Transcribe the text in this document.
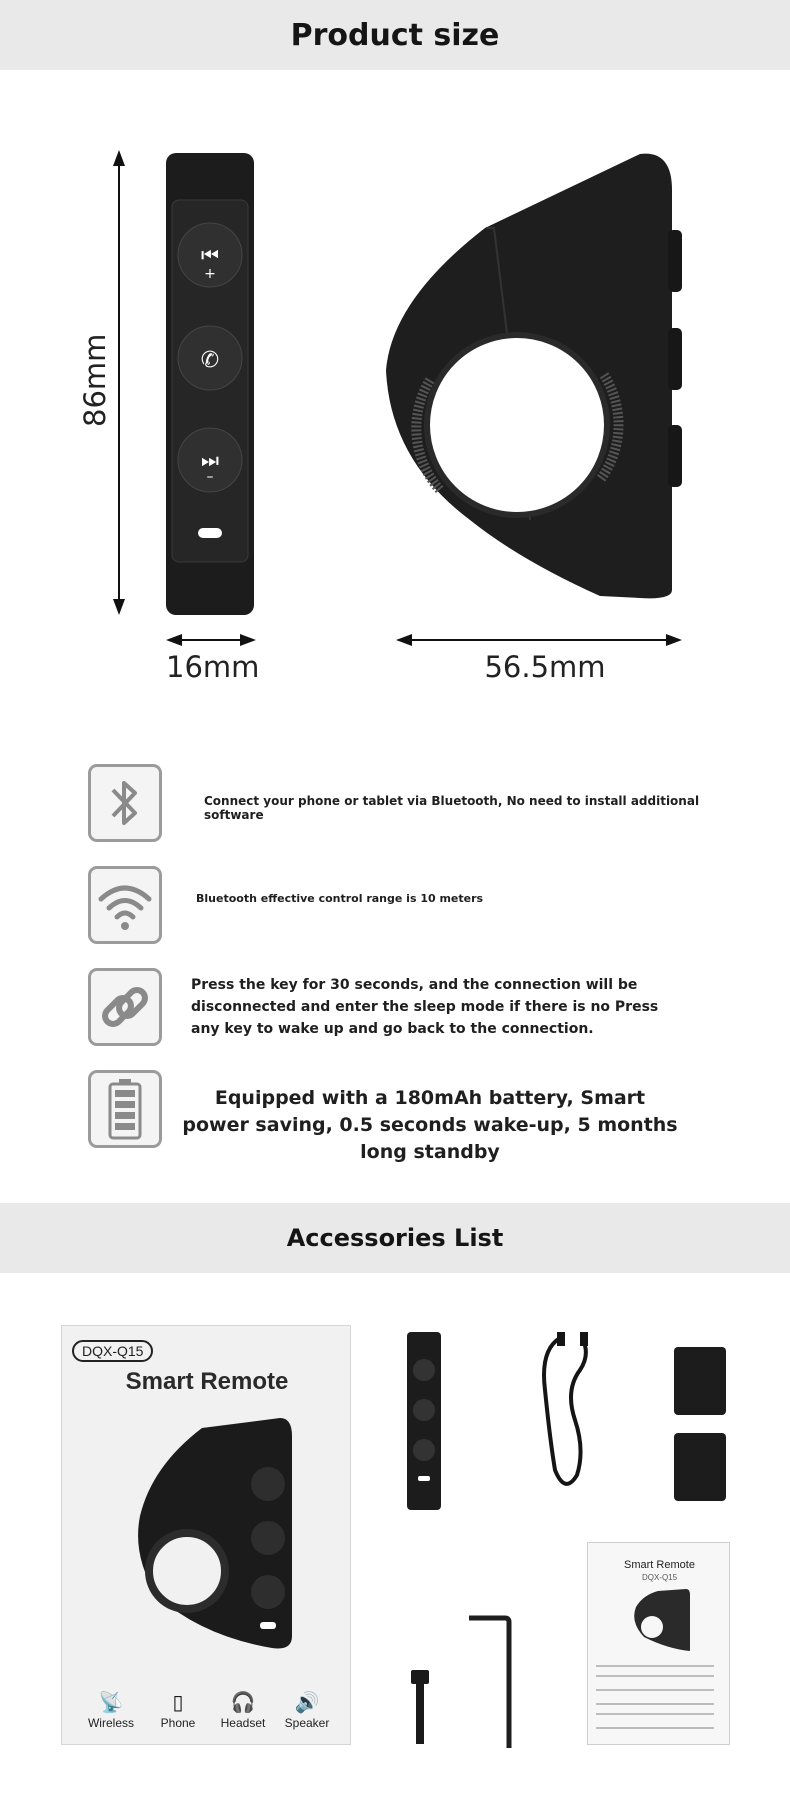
Product size
⏮
+
✆
⏭
–
86mm
16mm	56.5mm
Connect your phone or tablet via Bluetooth, No need to install additional software
Bluetooth effective control range is 10 meters
Press the key for 30 seconds, and the connection will be disconnected and enter the sleep mode if there is no Press any key to wake up and go back to the connection.
Equipped with a 180mAh battery, Smart power saving, 0.5 seconds wake-up, 5 months long standby
Accessories List
DQX-Q15
Smart Remote
📡
Wireless
▯
Phone
🎧
Headset
🔊
Speaker
Smart Remote
DQX-Q15
